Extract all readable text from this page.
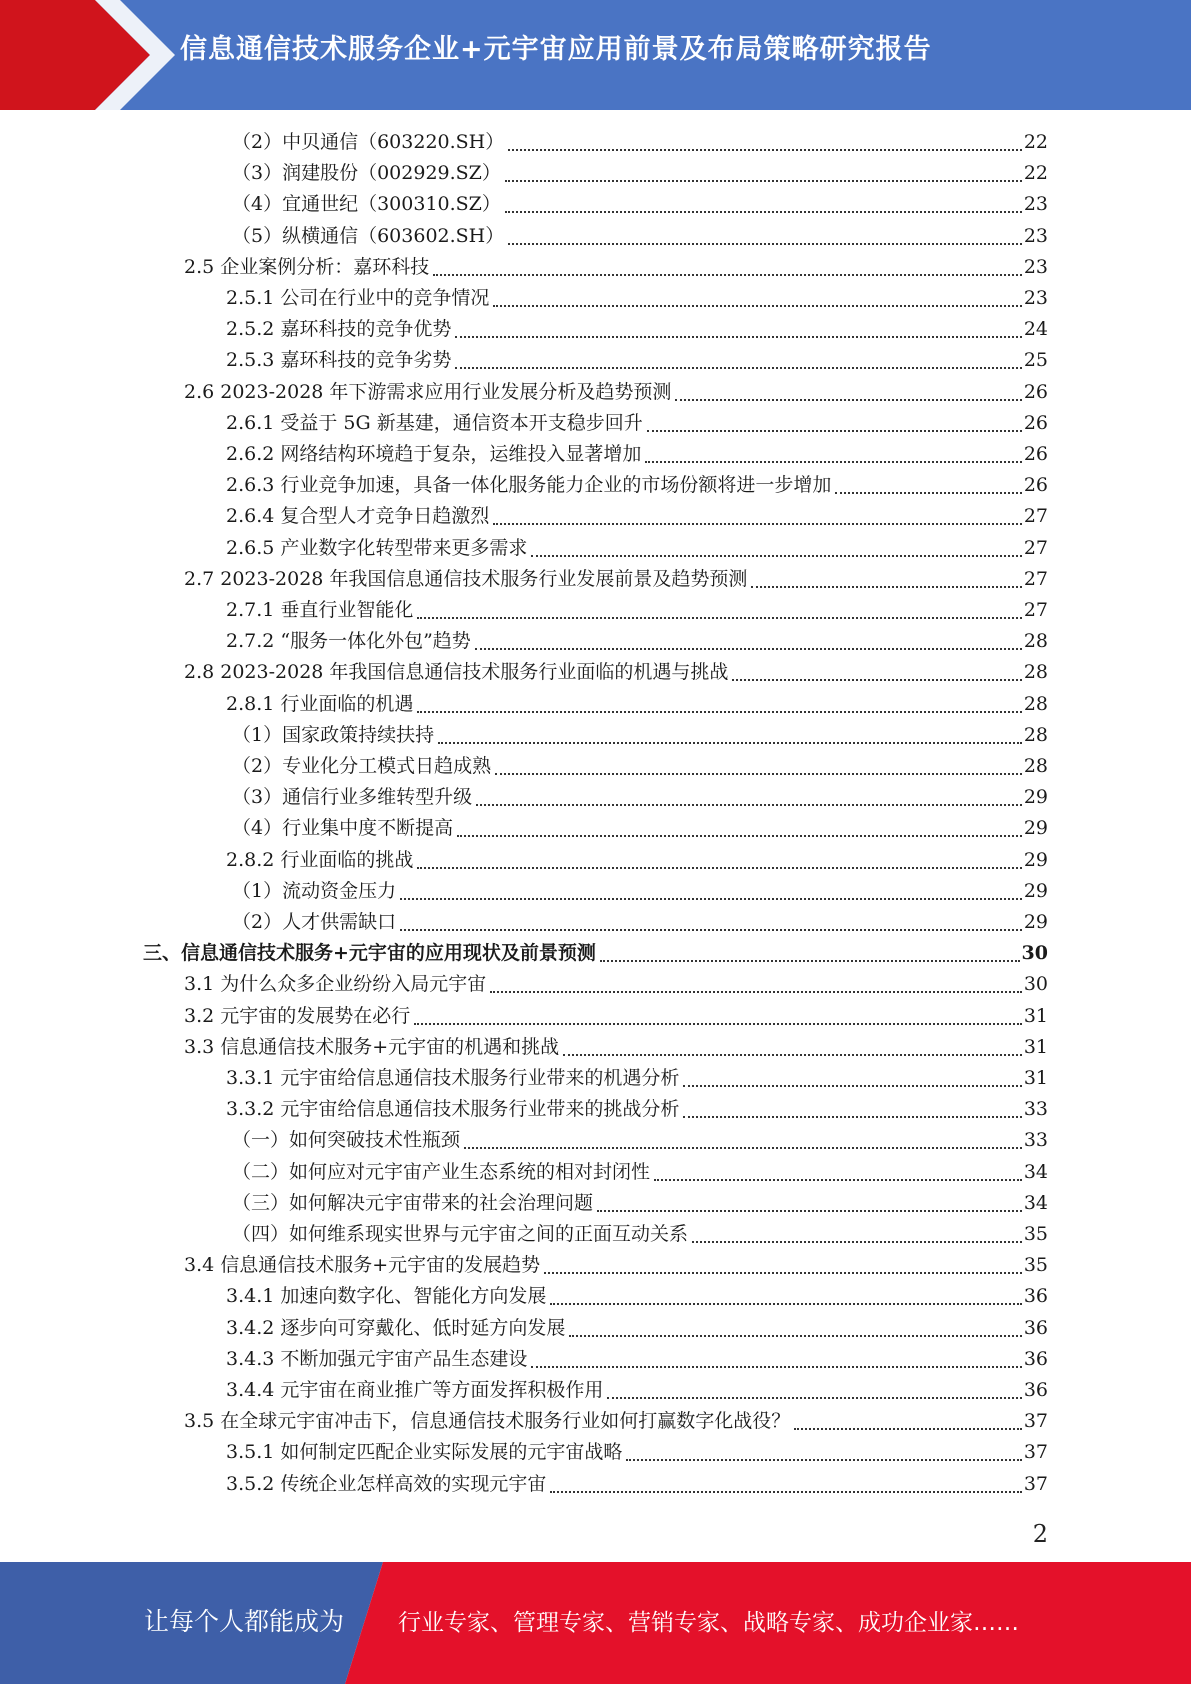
信息通信技术服务企业+元宇宙应用前景及布局策略研究报告
（2）中贝通信（603220.SH）	22
（3）润建股份（002929.SZ）	22
（4）宜通世纪（300310.SZ）	23
（5）纵横通信（603602.SH）	23
2.5 企业案例分析：嘉环科技	23
2.5.1 公司在行业中的竞争情况	23
2.5.2 嘉环科技的竞争优势	24
2.5.3 嘉环科技的竞争劣势	25
2.6 2023-2028 年下游需求应用行业发展分析及趋势预测	26
2.6.1 受益于 5G 新基建，通信资本开支稳步回升	26
2.6.2 网络结构环境趋于复杂，运维投入显著增加	26
2.6.3 行业竞争加速，具备一体化服务能力企业的市场份额将进一步增加	26
2.6.4 复合型人才竞争日趋激烈	27
2.6.5 产业数字化转型带来更多需求	27
2.7 2023-2028 年我国信息通信技术服务行业发展前景及趋势预测	27
2.7.1 垂直行业智能化	27
2.7.2 “服务一体化外包”趋势	28
2.8 2023-2028 年我国信息通信技术服务行业面临的机遇与挑战	28
2.8.1 行业面临的机遇	28
（1）国家政策持续扶持	28
（2）专业化分工模式日趋成熟	28
（3）通信行业多维转型升级	29
（4）行业集中度不断提高	29
2.8.2 行业面临的挑战	29
（1）流动资金压力	29
（2）人才供需缺口	29
三、信息通信技术服务+元宇宙的应用现状及前景预测	30
3.1 为什么众多企业纷纷入局元宇宙	30
3.2 元宇宙的发展势在必行	31
3.3 信息通信技术服务+元宇宙的机遇和挑战	31
3.3.1 元宇宙给信息通信技术服务行业带来的机遇分析	31
3.3.2 元宇宙给信息通信技术服务行业带来的挑战分析	33
（一）如何突破技术性瓶颈	33
（二）如何应对元宇宙产业生态系统的相对封闭性	34
（三）如何解决元宇宙带来的社会治理问题	34
（四）如何维系现实世界与元宇宙之间的正面互动关系	35
3.4 信息通信技术服务+元宇宙的发展趋势	35
3.4.1 加速向数字化、智能化方向发展	36
3.4.2 逐步向可穿戴化、低时延方向发展	36
3.4.3 不断加强元宇宙产品生态建设	36
3.4.4 元宇宙在商业推广等方面发挥积极作用	36
3.5 在全球元宇宙冲击下，信息通信技术服务行业如何打赢数字化战役？	37
3.5.1 如何制定匹配企业实际发展的元宇宙战略	37
3.5.2 传统企业怎样高效的实现元宇宙	37
2
让每个人都能成为 行业专家、管理专家、营销专家、战略专家、成功企业家……
